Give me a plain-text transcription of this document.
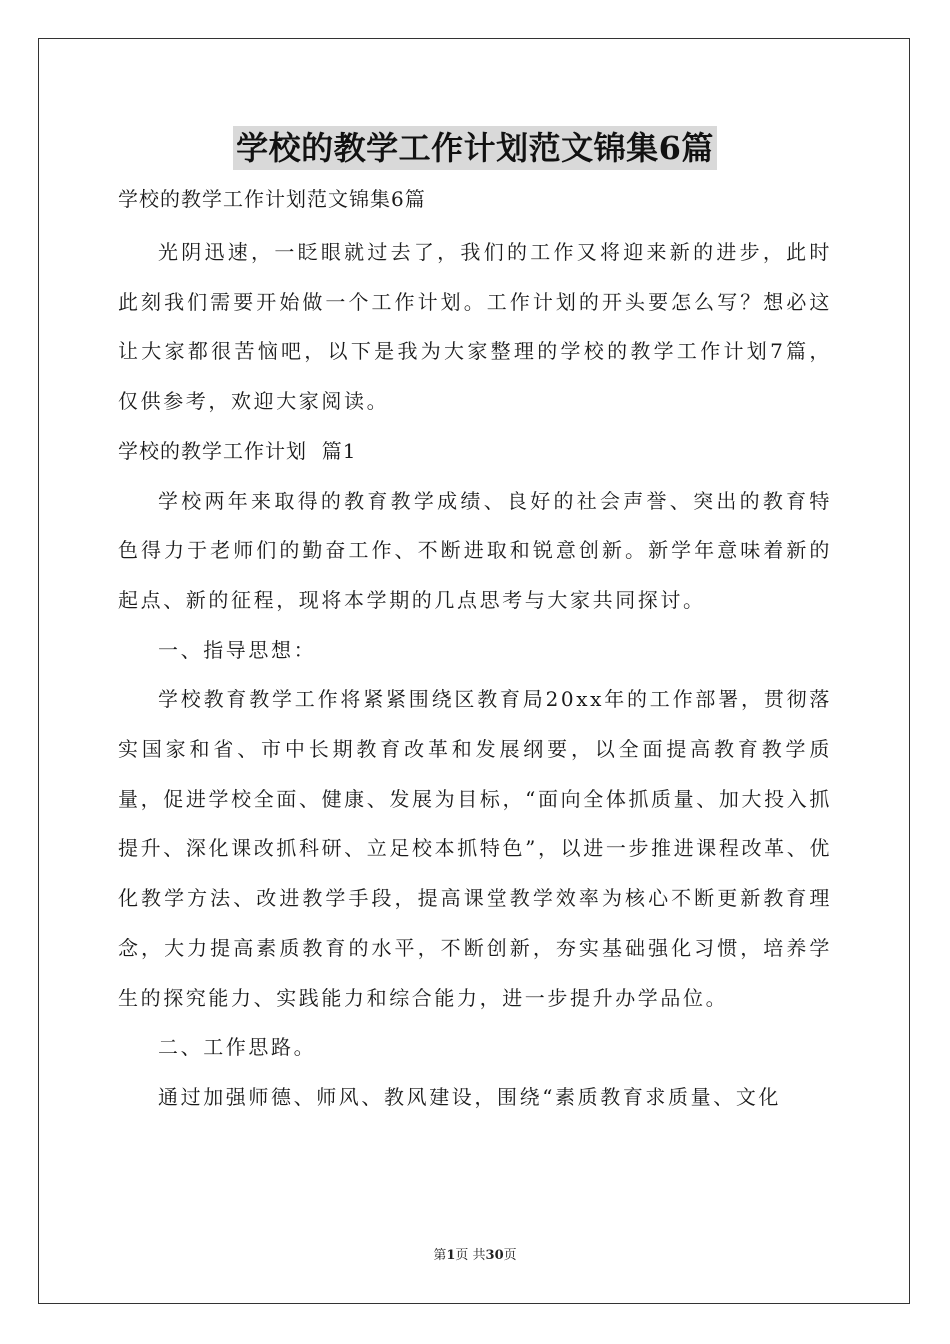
学校的教学工作计划范文锦集6篇
学校的教学工作计划范文锦集6篇

光阴迅速，一眨眼就过去了，我们的工作又将迎来新的进步，此时此刻我们需要开始做一个工作计划。工作计划的开头要怎么写？想必这让大家都很苦恼吧，以下是我为大家整理的学校的教学工作计划7篇，仅供参考，欢迎大家阅读。

学校的教学工作计划  篇1

学校两年来取得的教育教学成绩、良好的社会声誉、突出的教育特色得力于老师们的勤奋工作、不断进取和锐意创新。新学年意味着新的起点、新的征程，现将本学期的几点思考与大家共同探讨。

一、指导思想：

学校教育教学工作将紧紧围绕区教育局20xx年的工作部署，贯彻落实国家和省、市中长期教育改革和发展纲要，以全面提高教育教学质量，促进学校全面、健康、发展为目标，“面向全体抓质量、加大投入抓提升、深化课改抓科研、立足校本抓特色”，以进一步推进课程改革、优化教学方法、改进教学手段，提高课堂教学效率为核心不断更新教育理念，大力提高素质教育的水平，不断创新，夯实基础强化习惯，培养学生的探究能力、实践能力和综合能力，进一步提升办学品位。

二、工作思路。

通过加强师德、师风、教风建设，围绕“素质教育求质量、文化

第1页 共30页
